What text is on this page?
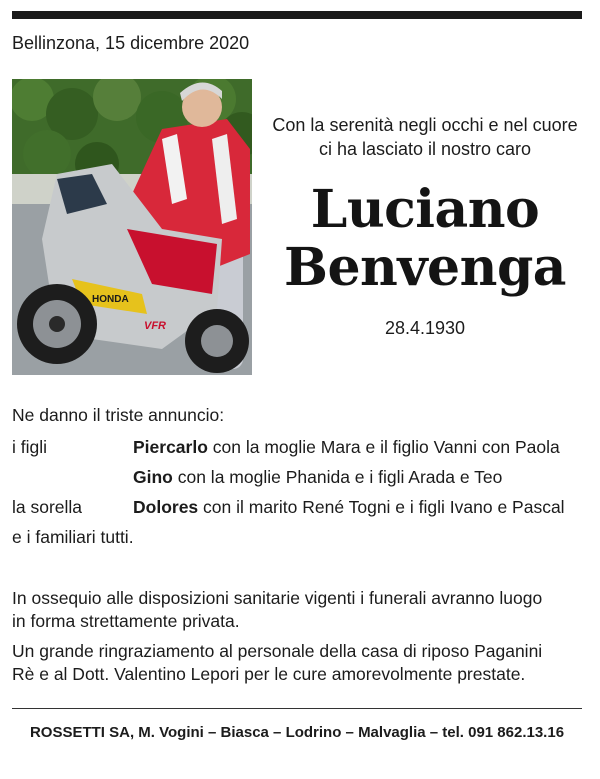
Bellinzona, 15 dicembre 2020
HONDA
VFR
Con la serenità negli occhi e nel cuore
ci ha lasciato il nostro caro
Luciano
Benvenga
28.4.1930
Ne danno il triste annuncio:
i figli	Piercarlo con la moglie Mara e il figlio Vanni con Paola
Gino con la moglie Phanida e i figli Arada e Teo
la sorella	Dolores con il marito René Togni e i figli Ivano e Pascal
e i familiari tutti.
In ossequio alle disposizioni sanitarie vigenti i funerali avranno luogo
in forma strettamente privata.
Un grande ringraziamento al personale della casa di riposo Paganini
Rè e al Dott. Valentino Lepori per le cure amorevolmente prestate.
ROSSETTI SA, M. Vogini – Biasca – Lodrino – Malvaglia – tel. 091 862.13.16
